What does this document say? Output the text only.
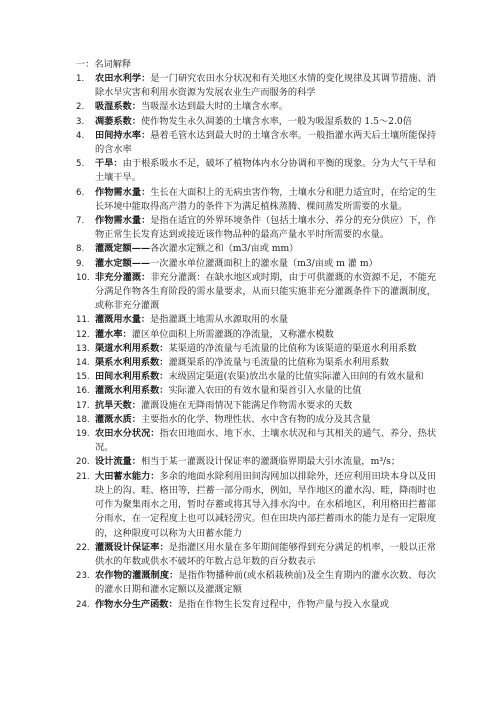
一：名词解释
1. 农田水利学：是一门研究农田水分状况和有关地区水情的变化规律及其调节措施、消除水旱灾害和利用水资源为发展农业生产而服务的科学
2. 吸湿系数：当吸湿水达到最大时的土壤含水率。
3. 凋萎系数：使作物发生永久凋萎的土壤含水率，一般为吸湿系数的 1.5～2.0倍
4. 田间持水率：悬着毛管水达到最大时的土壤含水率。一般指灌水两天后土壤所能保持的含水率
5. 干旱：由于根系吸水不足，破坏了植物体内水分协调和平衡的现象。分为大气干旱和土壤干旱。
6. 作物需水量：生长在大面积上的无病虫害作物，土壤水分和肥力适宜时，在给定的生长环境中能取得高产潜力的条件下为满足植株蒸腾、棵间蒸发所需要的水量。
7. 作物需水量：是指在适宜的外界环境条件（包括土壤水分、养分的充分供应）下，作物正常生长发育达到或接近该作物品种的最高产量水平时所需要的水量。
8. 灌溉定额——各次灌水定额之和（m3/亩或 mm）
9. 灌水定额——一次灌水单位灌溉面积上的灌水量（m3/亩或 m 灌 m）
10. 非充分灌溉：非充分灌溉：在缺水地区或时期，由于可供灌溉的水资源不足，不能充分满足作物各生育阶段的需水量要求，从而只能实施非充分灌溉条件下的灌溉制度，或称非充分灌溉
11. 灌溉用水量：是指灌溉土地需从水源取用的水量
12. 灌水率：灌区单位面积上所需灌溉的净流量，又称灌水模数
13. 渠道水利用系数：某渠道的净流量与毛流量的比值称为该渠道的渠道水利用系数
14. 渠系水利用系数：灌溉渠系的净流量与毛流量的比值称为渠系水利用系数
15. 田间水利用系数：末级固定渠道(农渠)放出水量的比值实际灌入田间的有效水量和
16. 灌溉水利用系数：实际灌入农田的有效水量和渠首引入水量的比值
17. 抗旱天数：灌溉设施在无降雨情况下能满足作物需水要求的天数
18. 灌溉水质：主要指水的化学、物理性状、水中含有物的成分及其含量
19. 农田水分状况：指农田地面水、地下水、土壤水状况和与其相关的通气、养分、热状况。
20. 设计流量：相当于某一灌溉设计保证率的灌溉临界期最大引水流量，m³/s；
21. 大田蓄水能力：多余的地面水除利用田间沟网加以排除外，还应利用田块本身以及田块上的沟、畦、格田等，拦蓄一部分雨水，例如，旱作地区的灌水沟、畦，降雨时也可作为聚集雨水之用，暂时存蓄或将其导入排水沟中。在水稻地区，利用格田拦蓄部分雨水，在一定程度上也可以减轻涝灾。但在田块内部拦蓄雨水的能力是有一定限度的，这种限度可以称为大田蓄水能力
22. 灌溉设计保证率：是指灌区用水量在多年期间能够得到充分满足的机率，一般以正常供水的年数或供水不破坏的年数占总年数的百分数表示
23. 农作物的灌溉制度：是指作物播种前(或水稻栽秧前)及全生育期内的灌水次数、每次的灌水日期和灌水定额以及灌溉定额
24. 作物水分生产函数：是指在作物生长发育过程中，作物产量与投入水量或
